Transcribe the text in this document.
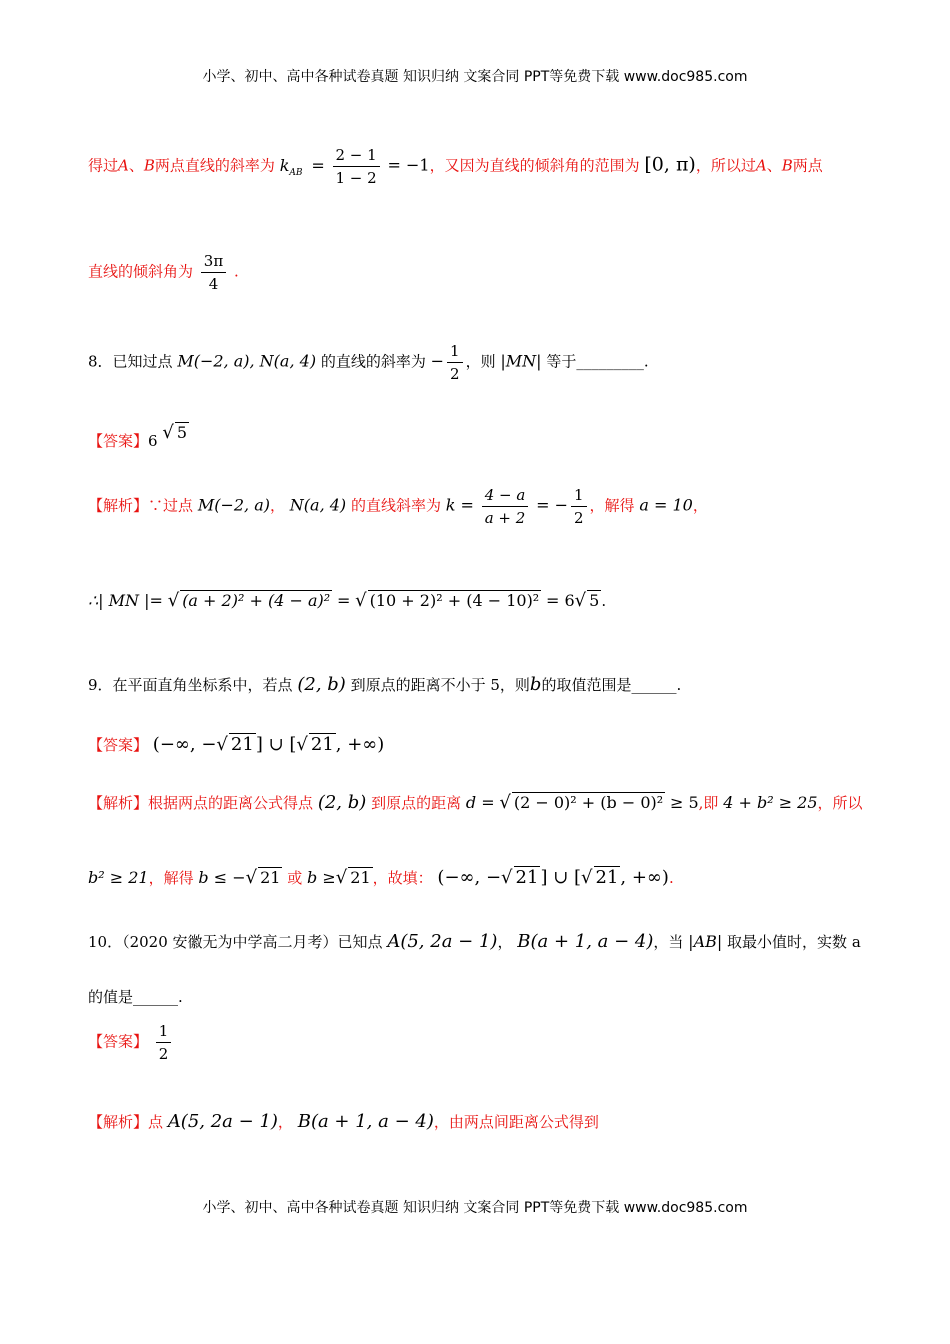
小学、初中、高中各种试卷真题 知识归纳 文案合同 PPT等免费下载 www.doc985.com
得过A、B两点直线的斜率为 $k_{AB} = \frac{2 - 1}{1 - 2} = -1$，又因为直线的倾斜角的范围为 [0, π)，所以过A、B两点
直线的倾斜角为 $\frac{3\pi}{4}$ .
8．已知过点 M(−2, a), N(a, 4) 的直线的斜率为 − $\frac{1}{2}$ ，则 |MN| 等于_________.
【答案】6 √ 5
【解析】∵过点 M(−2, a)， N(a, 4) 的直线斜率为 $k = \frac{4 - a}{a + 2}$ = − $\frac{1}{2}$ ，解得 a = 10，
∴| MN |= √ (a + 2)² + (4 − a)² = √ (10 + 2)² + (4 − 10)² = 6√ 5 .
9．在平面直角坐标系中，若点 (2, b) 到原点的距离不小于 5，则b的取值范围是______.
【答案】 (−∞, −√ 21 ] ∪ [√ 21 , +∞)
【解析】根据两点的距离公式得点 (2, b) 到原点的距离 d = √ (2 − 0)² + (b − 0)² ≥ 5,即 4 + b² ≥ 25，所以
b² ≥ 21，解得 b ≤ −√ 21 或 b ≥√ 21 ，故填： (−∞, −√ 21 ] ∪ [√ 21 , +∞).
10．（2020 安徽无为中学高二月考）已知点 A(5, 2a − 1)， B(a + 1, a − 4)，当 |AB| 取最小值时，实数 a
的值是______.
【答案】 $\frac{1}{2}$
【解析】点 A(5, 2a − 1)， B(a + 1, a − 4)，由两点间距离公式得到
小学、初中、高中各种试卷真题 知识归纳 文案合同 PPT等免费下载 www.doc985.com
